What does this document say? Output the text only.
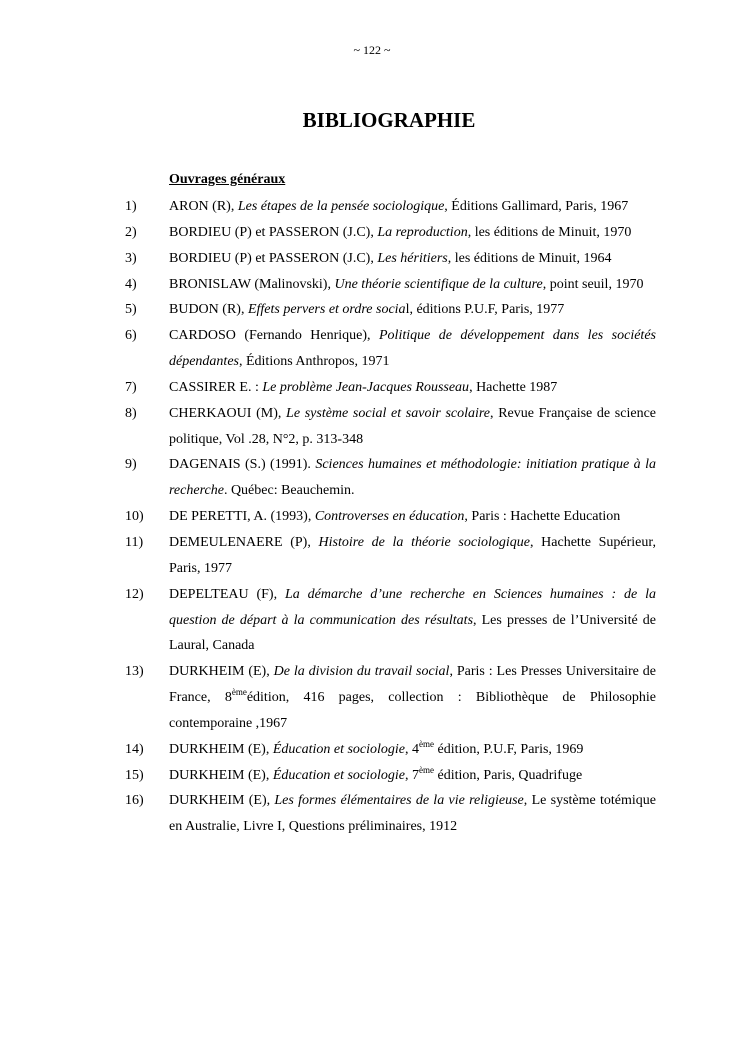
~ 122 ~
BIBLIOGRAPHIE
Ouvrages généraux
1)	ARON (R), Les étapes de la pensée sociologique, Éditions Gallimard, Paris, 1967
2)	BORDIEU (P) et PASSERON (J.C), La reproduction, les éditions de Minuit, 1970
3)	BORDIEU (P) et PASSERON (J.C), Les héritiers, les éditions de Minuit, 1964
4)	BRONISLAW (Malinovski), Une théorie scientifique de la culture, point seuil, 1970
5)	BUDON (R), Effets pervers et ordre social, éditions P.U.F, Paris, 1977
6)	CARDOSO (Fernando Henrique), Politique de développement dans les sociétés dépendantes, Éditions Anthropos, 1971
7)	CASSIRER E. : Le problème Jean-Jacques Rousseau, Hachette 1987
8)	CHERKAOUI (M), Le système social et savoir scolaire, Revue Française de science politique, Vol .28, N°2, p. 313-348
9)	DAGENAIS (S.) (1991). Sciences humaines et méthodologie: initiation pratique à la recherche. Québec: Beauchemin.
10)	DE PERETTI, A. (1993), Controverses en éducation, Paris : Hachette Education
11)	DEMEULENAERE (P), Histoire de la théorie sociologique, Hachette Supérieur, Paris, 1977
12)	DEPELTEAU (F), La démarche d’une recherche en Sciences humaines : de la question de départ à la communication des résultats, Les presses de l’Université de Laural, Canada
13)	DURKHEIM (E), De la division du travail social, Paris : Les Presses Universitaire de France, 8èmeédition, 416 pages, collection : Bibliothèque de Philosophie contemporaine ,1967
14)	DURKHEIM (E), Éducation et sociologie, 4ème édition, P.U.F, Paris, 1969
15)	DURKHEIM (E), Éducation et sociologie, 7ème édition, Paris, Quadrifuge
16)	DURKHEIM (E), Les formes élémentaires de la vie religieuse, Le système totémique en Australie, Livre I, Questions préliminaires, 1912
